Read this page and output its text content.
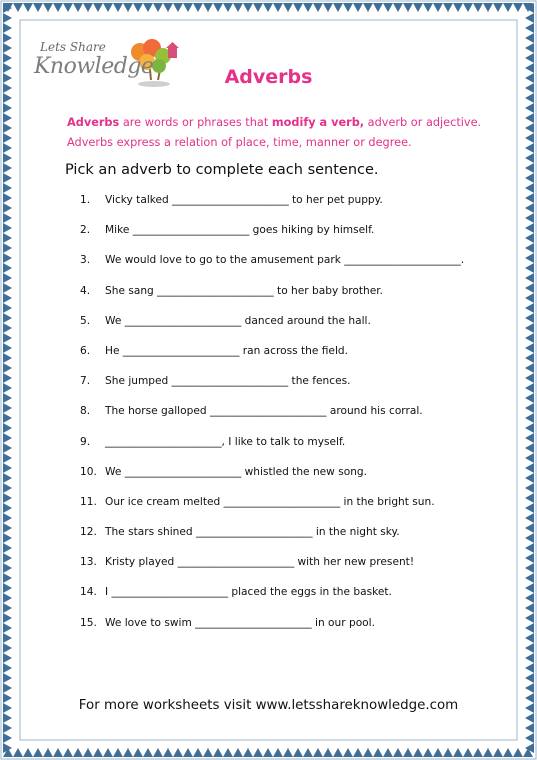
Lets Share
Knowledge	Adverbs
Adverbs are words or phrases that modify a verb, adverb or adjective.
Adverbs express a relation of place, time, manner or degree.
Pick an adverb to complete each sentence.
1.	Vicky talked ______________________ to her pet puppy.
2.	Mike ______________________ goes hiking by himself.
3.	We would love to go to the amusement park ______________________.
4.	She sang ______________________ to her baby brother.
5.	We ______________________ danced around the hall.
6.	He ______________________ ran across the field.
7.	She jumped ______________________ the fences.
8.	The horse galloped ______________________ around his corral.
9.	______________________, I like to talk to myself.
10. We ______________________ whistled the new song.
11. Our ice cream melted ______________________ in the bright sun.
12. The stars shined ______________________ in the night sky.
13. Kristy played ______________________ with her new present!
14. I ______________________ placed the eggs in the basket.
15. We love to swim ______________________ in our pool.
For more worksheets visit www.letsshareknowledge.com
